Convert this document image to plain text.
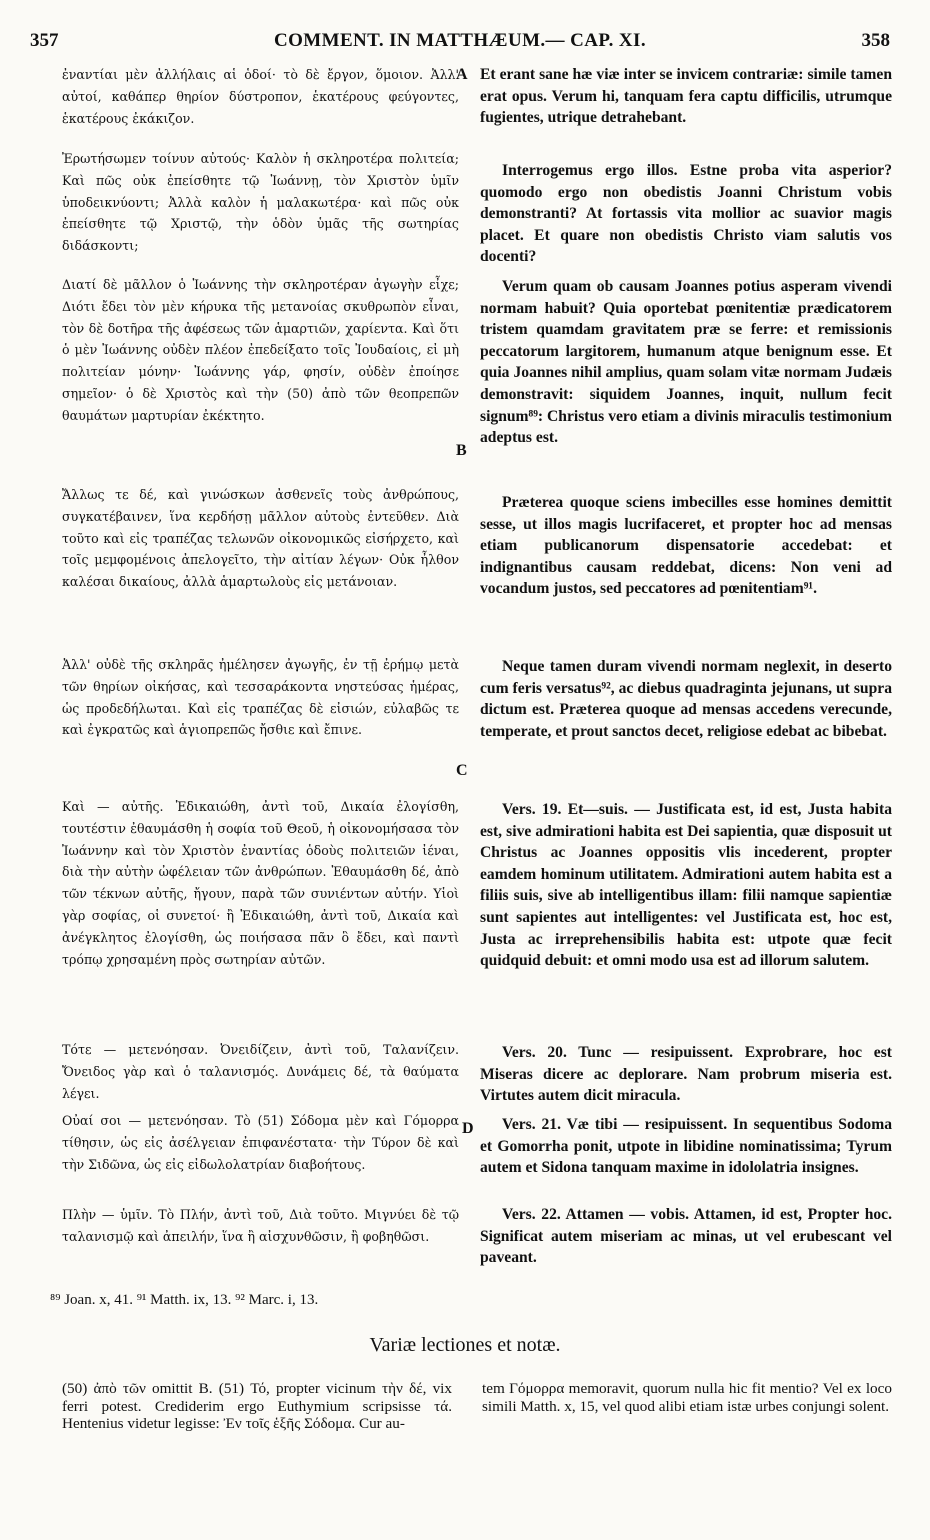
357	COMMENT. IN MATTHÆUM.— CAP. XI.	358
ἐναντίαι μὲν ἀλλήλαις αἱ ὁδοί· τὸ δὲ ἔργον, ὅμοιον. Ἀλλ' αὐτοί, καθάπερ θηρίον δύστροπον, ἑκατέρους φεύγοντες, ἑκατέρους ἐκάκιζον.
Ἐρωτήσωμεν τοίνυν αὐτούς· Καλὸν ἡ σκληροτέρα πολιτεία; Καὶ πῶς οὐκ ἐπείσθητε τῷ Ἰωάννῃ, τὸν Χριστὸν ὑμῖν ὑποδεικνύοντι; Ἀλλὰ καλὸν ἡ μαλακωτέρα· καὶ πῶς οὐκ ἐπείσθητε τῷ Χριστῷ, τὴν ὁδὸν ὑμᾶς τῆς σωτηρίας διδάσκοντι;
Διατί δὲ μᾶλλον ὁ Ἰωάννης τὴν σκληροτέραν ἀγωγὴν εἶχε; Διότι ἔδει τὸν μὲν κήρυκα τῆς μετανοίας σκυθρωπὸν εἶναι, τὸν δὲ δοτῆρα τῆς ἀφέσεως τῶν ἁμαρτιῶν, χαρίεντα. Καὶ ὅτι ὁ μὲν Ἰωάννης οὐδὲν πλέον ἐπεδείξατο τοῖς Ἰουδαίοις, εἰ μὴ πολιτείαν μόνην· Ἰωάννης γάρ, φησίν, οὐδὲν ἐποίησε σημεῖον· ὁ δὲ Χριστὸς καὶ τὴν (50) ἀπὸ τῶν θεοπρεπῶν θαυμάτων μαρτυρίαν ἐκέκτητο.
Ἄλλως τε δέ, καὶ γινώσκων ἀσθενεῖς τοὺς ἀνθρώπους, συγκατέβαινεν, ἵνα κερδήσῃ μᾶλλον αὐτοὺς ἐντεῦθεν. Διὰ τοῦτο καὶ εἰς τραπέζας τελωνῶν οἰκονομικῶς εἰσήρχετο, καὶ τοῖς μεμφομένοις ἀπελογεῖτο, τὴν αἰτίαν λέγων· Οὐκ ἦλθον καλέσαι δικαίους, ἀλλὰ ἁμαρτωλοὺς εἰς μετάνοιαν.
Ἀλλ' οὐδὲ τῆς σκληρᾶς ἠμέλησεν ἀγωγῆς, ἐν τῇ ἐρήμῳ μετὰ τῶν θηρίων οἰκήσας, καὶ τεσσαράκοντα νηστεύσας ἡμέρας, ὡς προδεδήλωται. Καὶ εἰς τραπέζας δὲ εἰσιών, εὐλαβῶς τε καὶ ἐγκρατῶς καὶ ἁγιοπρεπῶς ἤσθιε καὶ ἔπινε.
Καὶ — αὐτῆς. Ἐδικαιώθη, ἀντὶ τοῦ, Δικαία ἐλογίσθη, τουτέστιν ἐθαυμάσθη ἡ σοφία τοῦ Θεοῦ, ἡ οἰκονομήσασα τὸν Ἰωάννην καὶ τὸν Χριστὸν ἐναντίας ὁδοὺς πολιτειῶν ἰέναι, διὰ τὴν αὐτὴν ὠφέλειαν τῶν ἀνθρώπων. Ἐθαυμάσθη δέ, ἀπὸ τῶν τέκνων αὐτῆς, ἤγουν, παρὰ τῶν συνιέντων αὐτήν. Υἱοὶ γὰρ σοφίας, οἱ συνετοί· ἢ Ἐδικαιώθη, ἀντὶ τοῦ, Δικαία καὶ ἀνέγκλητος ἐλογίσθη, ὡς ποιήσασα πᾶν ὃ ἔδει, καὶ παντὶ τρόπῳ χρησαμένη πρὸς σωτηρίαν αὐτῶν.
Τότε — μετενόησαν. Ὀνειδίζειν, ἀντὶ τοῦ, Ταλανίζειν. Ὄνειδος γὰρ καὶ ὁ ταλανισμός. Δυνάμεις δέ, τὰ θαύματα λέγει.
Οὐαί σοι — μετενόησαν. Τὸ (51) Σόδομα μὲν καὶ Γόμορρα τίθησιν, ὡς εἰς ἀσέλγειαν ἐπιφανέστατα· τὴν Τύρον δὲ καὶ τὴν Σιδῶνα, ὡς εἰς εἰδωλολατρίαν διαβοήτους.
Πλὴν — ὑμῖν. Τὸ Πλήν, ἀντὶ τοῦ, Διὰ τοῦτο. Μιγνύει δὲ τῷ ταλανισμῷ καὶ ἀπειλήν, ἵνα ἢ αἰσχυνθῶσιν, ἢ φοβηθῶσι.
A
B
C
D
Et erant sane hæ viæ inter se invicem contrariæ: simile tamen erat opus. Verum hi, tanquam fera captu difficilis, utrumque fugientes, utrique detrahebant.
Interrogemus ergo illos. Estne proba vita asperior? quomodo ergo non obedistis Joanni Christum vobis demonstranti? At fortassis vita mollior ac suavior magis placet. Et quare non obedistis Christo viam salutis vos docenti?
Verum quam ob causam Joannes potius asperam vivendi normam habuit? Quia oportebat pœnitentiæ prædicatorem tristem quamdam gravitatem præ se ferre: et remissionis peccatorum largitorem, humanum atque benignum esse. Et quia Joannes nihil amplius, quam solam vitæ normam Judæis demonstravit: siquidem Joannes, inquit, nullum fecit signum⁸⁹: Christus vero etiam a divinis miraculis testimonium adeptus est.
Præterea quoque sciens imbecilles esse homines demittit sesse, ut illos magis lucrifaceret, et propter hoc ad mensas etiam publicanorum dispensatorie accedebat: et indignantibus causam reddebat, dicens: Non veni ad vocandum justos, sed peccatores ad pœnitentiam⁹¹.
Neque tamen duram vivendi normam neglexit, in deserto cum feris versatus⁹², ac diebus quadraginta jejunans, ut supra dictum est. Præterea quoque ad mensas accedens verecunde, temperate, et prout sanctos decet, religiose edebat ac bibebat.
Vers. 19. Et—suis. — Justificata est, id est, Justa habita est, sive admirationi habita est Dei sapientia, quæ disposuit ut Christus ac Joannes oppositis vlis incederent, propter eamdem hominum utilitatem. Admirationi autem habita est a filiis suis, sive ab intelligentibus illam: filii namque sapientiæ sunt sapientes aut intelligentes: vel Justificata est, hoc est, Justa ac irreprehensibilis habita est: utpote quæ fecit quidquid debuit: et omni modo usa est ad illorum salutem.
Vers. 20. Tunc — resipuissent. Exprobrare, hoc est Miseras dicere ac deplorare. Nam probrum miseria est. Virtutes autem dicit miracula.
Vers. 21. Væ tibi — resipuissent. In sequentibus Sodoma et Gomorrha ponit, utpote in libidine nominatissima; Tyrum autem et Sidona tanquam maxime in idololatria insignes.
Vers. 22. Attamen — vobis. Attamen, id est, Propter hoc. Significat autem miseriam ac minas, ut vel erubescant vel paveant.
⁸⁹ Joan. x, 41. ⁹¹ Matth. ix, 13. ⁹² Marc. i, 13.
Variæ lectiones et notæ.
(50) ἀπὸ τῶν omittit B. (51) Τό, propter vicinum τὴν δέ, vix ferri potest. Crediderim ergo Euthymium scripsisse τά. Hentenius videtur legisse: Ἐν τοῖς ἑξῆς Σόδομα. Cur au-
tem Γόμορρα memoravit, quorum nulla hic fit mentio? Vel ex loco simili Matth. x, 15, vel quod alibi etiam istæ urbes conjungi solent.
